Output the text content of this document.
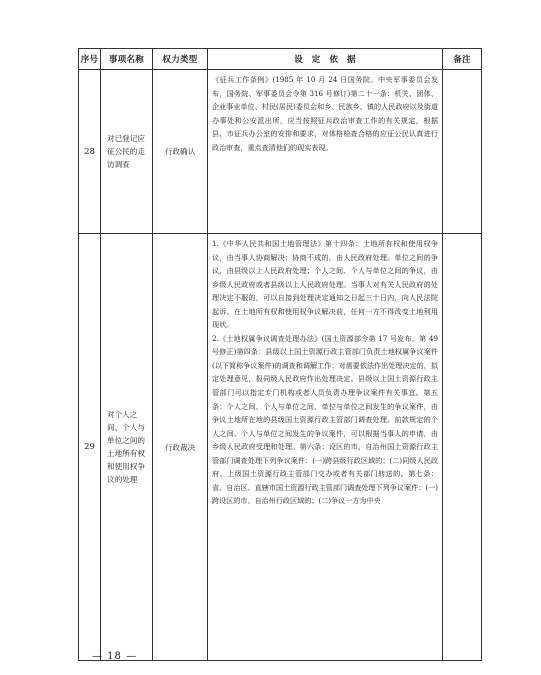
序号	事项名称	权力类型	设　定　依　据	备注
28	对已登记应征公民的走访调查	行政确认	《征兵工作条例》(1985 年 10 月 24 日国务院、中央军事委员会发布，国务院、军事委员会令第 316 号修订)第二十一条：机关、团体、企业事业单位、村民(居民)委员会和乡、民族乡、镇的人民政府以及街道办事处和公安派出所，应当按照征兵政治审查工作的有关规定，根据县、市征兵办公室的安排和要求，对体格检查合格的应征公民认真进行政治审查，重点查清他们的现实表现。	
29	对个人之间、个人与单位之间的土地所有权和使用权争议的处理	行政裁决	1.《中华人民共和国土地管理法》第十四条：土地所有权和使用权争议，由当事人协商解决；协商不成的，由人民政府处理。单位之间的争议，由县级以上人民政府处理；个人之间、个人与单位之间的争议，由乡级人民政府或者县级以上人民政府处理。当事人对有关人民政府的处理决定不服的，可以自接到处理决定通知之日起三十日内，向人民法院起诉。在土地所有权和使用权争议解决前，任何一方不得改变土地利用现状。
2.《土地权属争议调查处理办法》(国土资源部令第 17 号发布，第 49 号修正)第四条：县级以上国土资源行政主管部门负责土地权属争议案件(以下简称争议案件)的调查和调解工作；对需要依法作出处理决定的，拟定处理意见，报同级人民政府作出处理决定。县级以上国土资源行政主管部门可以指定专门机构或者人员负责办理争议案件有关事宜。第五条：个人之间、个人与单位之间、单位与单位之间发生的争议案件，由争议土地所在地的县级国土资源行政主管部门调查处理。前款规定的个人之间、个人与单位之间发生的争议案件，可以根据当事人的申请，由乡级人民政府受理和处理。第六条：设区的市、自治州国土资源行政主管部门调查处理下列争议案件：(一)跨县级行政区域的；(二)同级人民政府、上级国土资源行政主管部门交办或者有关部门转送的。第七条：省、自治区、直辖市国土资源行政主管部门调查处理下列争议案件：(一)跨设区的市、自治州行政区域的；(二)争议一方为中央	
— 18 —
